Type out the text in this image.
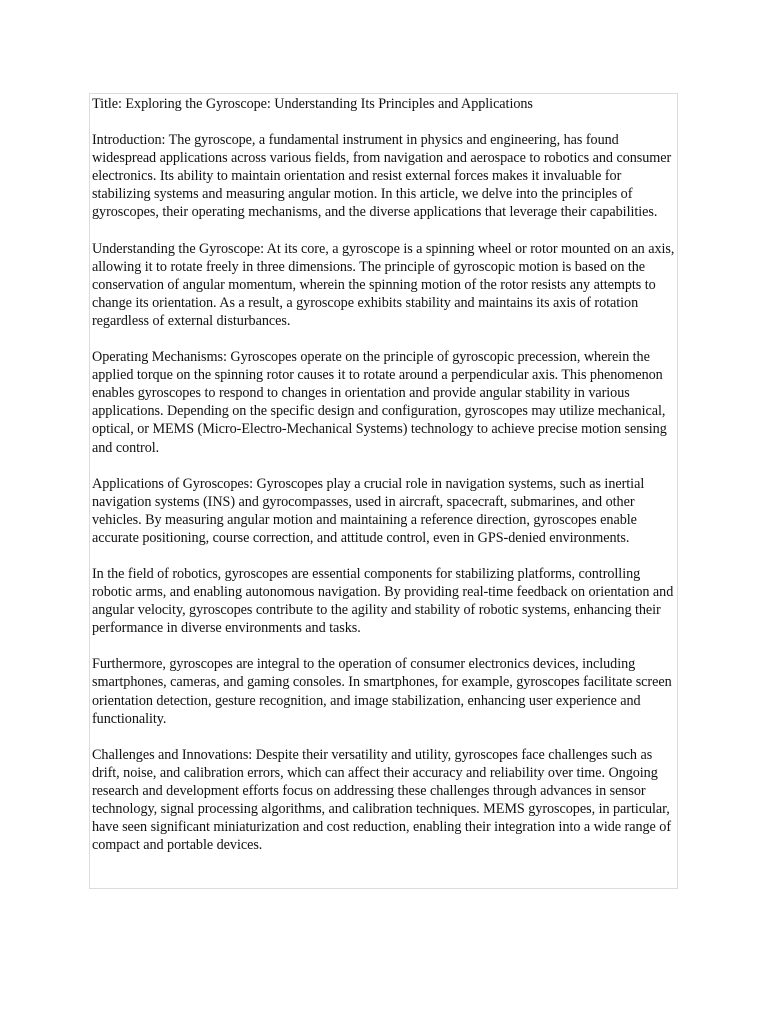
Title: Exploring the Gyroscope: Understanding Its Principles and Applications

Introduction: The gyroscope, a fundamental instrument in physics and engineering, has found widespread applications across various fields, from navigation and aerospace to robotics and consumer electronics. Its ability to maintain orientation and resist external forces makes it invaluable for stabilizing systems and measuring angular motion. In this article, we delve into the principles of gyroscopes, their operating mechanisms, and the diverse applications that leverage their capabilities.

Understanding the Gyroscope: At its core, a gyroscope is a spinning wheel or rotor mounted on an axis, allowing it to rotate freely in three dimensions. The principle of gyroscopic motion is based on the conservation of angular momentum, wherein the spinning motion of the rotor resists any attempts to change its orientation. As a result, a gyroscope exhibits stability and maintains its axis of rotation regardless of external disturbances.

Operating Mechanisms: Gyroscopes operate on the principle of gyroscopic precession, wherein the applied torque on the spinning rotor causes it to rotate around a perpendicular axis. This phenomenon enables gyroscopes to respond to changes in orientation and provide angular stability in various applications. Depending on the specific design and configuration, gyroscopes may utilize mechanical, optical, or MEMS (Micro-Electro-Mechanical Systems) technology to achieve precise motion sensing and control.

Applications of Gyroscopes: Gyroscopes play a crucial role in navigation systems, such as inertial navigation systems (INS) and gyrocompasses, used in aircraft, spacecraft, submarines, and other vehicles. By measuring angular motion and maintaining a reference direction, gyroscopes enable accurate positioning, course correction, and attitude control, even in GPS-denied environments.

In the field of robotics, gyroscopes are essential components for stabilizing platforms, controlling robotic arms, and enabling autonomous navigation. By providing real-time feedback on orientation and angular velocity, gyroscopes contribute to the agility and stability of robotic systems, enhancing their performance in diverse environments and tasks.

Furthermore, gyroscopes are integral to the operation of consumer electronics devices, including smartphones, cameras, and gaming consoles. In smartphones, for example, gyroscopes facilitate screen orientation detection, gesture recognition, and image stabilization, enhancing user experience and functionality.

Challenges and Innovations: Despite their versatility and utility, gyroscopes face challenges such as drift, noise, and calibration errors, which can affect their accuracy and reliability over time. Ongoing research and development efforts focus on addressing these challenges through advances in sensor technology, signal processing algorithms, and calibration techniques. MEMS gyroscopes, in particular, have seen significant miniaturization and cost reduction, enabling their integration into a wide range of compact and portable devices.
